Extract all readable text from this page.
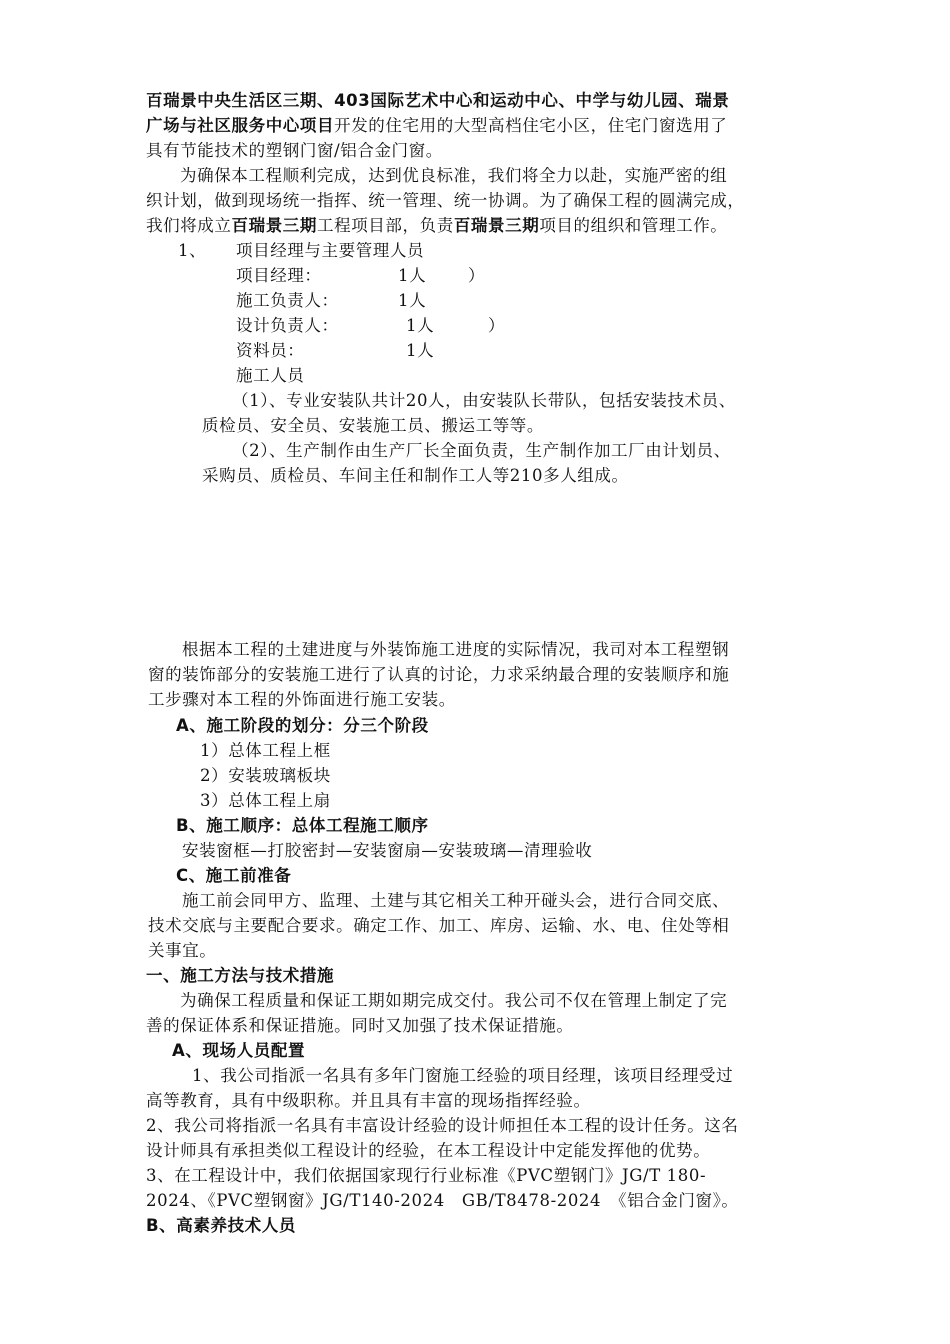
百瑞景中央生活区三期、403国际艺术中心和运动中心、中学与幼儿园、瑞景
广场与社区服务中心项目开发的住宅用的大型高档住宅小区，住宅门窗选用了
具有节能技术的塑钢门窗/铝合金门窗。
为确保本工程顺利完成，达到优良标准，我们将全力以赴，实施严密的组
织计划，做到现场统一指挥、统一管理、统一协调。为了确保工程的圆满完成，
我们将成立百瑞景三期工程项目部，负责百瑞景三期项目的组织和管理工作。
1、 项目经理与主要管理人员
项目经理：	1人	）
施工负责人：	1人
设计负责人：	1人	）
资料员：	1人
施工人员
（1）、专业安装队共计20人，由安装队长带队，包括安装技术员、
质检员、安全员、安装施工员、搬运工等等。
（2）、生产制作由生产厂长全面负责，生产制作加工厂由计划员、
采购员、质检员、车间主任和制作工人等210多人组成。
根据本工程的土建进度与外装饰施工进度的实际情况，我司对本工程塑钢
窗的装饰部分的安装施工进行了认真的讨论，力求采纳最合理的安装顺序和施
工步骤对本工程的外饰面进行施工安装。
A、施工阶段的划分：分三个阶段
1）总体工程上框
2）安装玻璃板块
3）总体工程上扇
B、施工顺序：总体工程施工顺序
安装窗框—打胶密封—安装窗扇—安装玻璃—清理验收
C、施工前准备
施工前会同甲方、监理、土建与其它相关工种开碰头会，进行合同交底、
技术交底与主要配合要求。确定工作、加工、库房、运输、水、电、住处等相
关事宜。
一、施工方法与技术措施
为确保工程质量和保证工期如期完成交付。我公司不仅在管理上制定了完
善的保证体系和保证措施。同时又加强了技术保证措施。
A、现场人员配置
1、我公司指派一名具有多年门窗施工经验的项目经理，该项目经理受过
高等教育，具有中级职称。并且具有丰富的现场指挥经验。
2、我公司将指派一名具有丰富设计经验的设计师担任本工程的设计任务。这名
设计师具有承担类似工程设计的经验，在本工程设计中定能发挥他的优势。
3、在工程设计中，我们依据国家现行行业标准《PVC塑钢门》JG/T 180-
2024、《PVC塑钢窗》JG/T140-2024　GB/T8478-2024　《铝合金门窗》。
B、高素养技术人员
